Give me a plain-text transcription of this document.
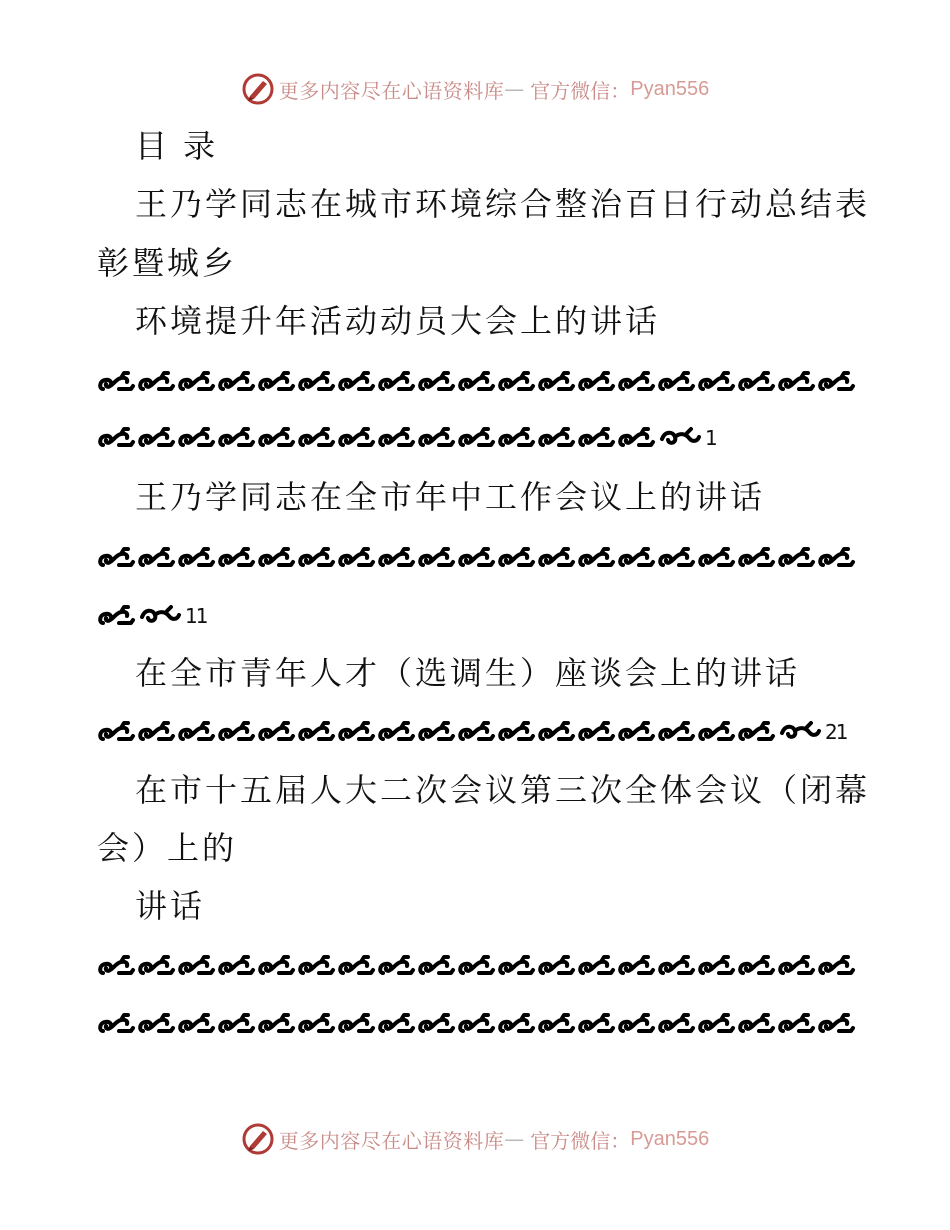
更多内容尽在心语资料库 — 官方微信： Pyan556
目 录
王乃学同志在城市环境综合整治百日行动总结表
彰暨城乡
环境提升年活动动员大会上的讲话
1
王乃学同志在全市年中工作会议上的讲话
11
在全市青年人才（选调生）座谈会上的讲话
21
在市十五届人大二次会议第三次全体会议（闭幕
会）上的
讲话
更多内容尽在心语资料库 — 官方微信： Pyan556
